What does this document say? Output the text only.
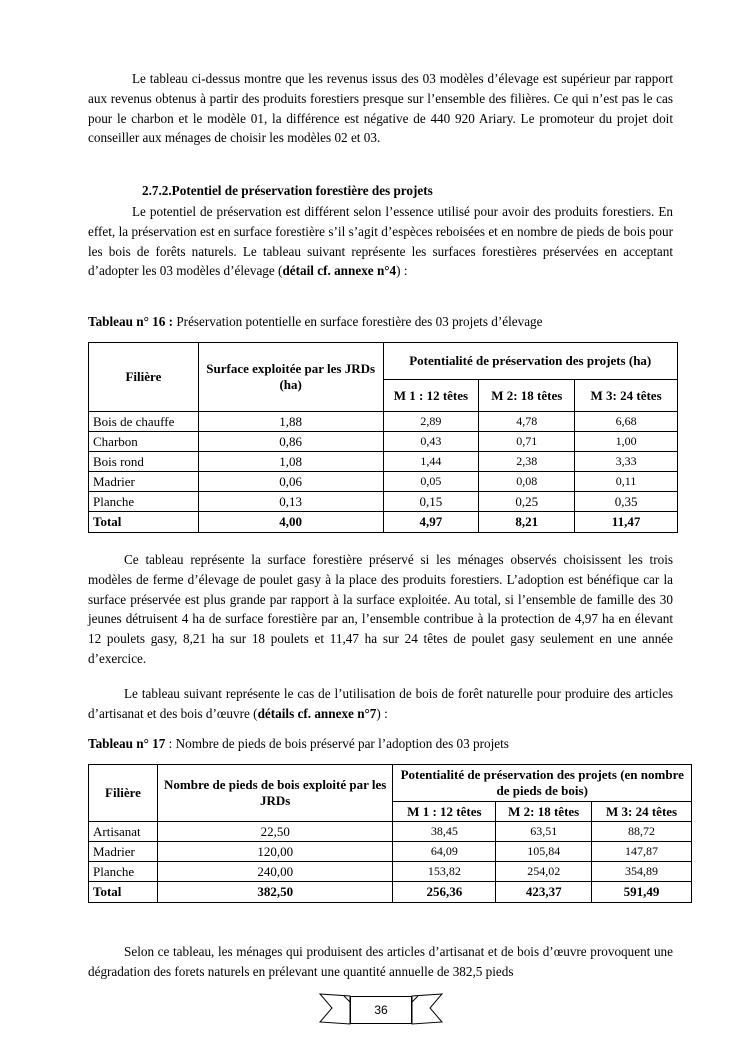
Le tableau ci-dessus montre que les revenus issus des 03 modèles d’élevage est supérieur par rapport aux revenus obtenus à partir des produits forestiers presque sur l’ensemble des filières. Ce qui n’est pas le cas pour le charbon et le modèle 01, la différence est négative de 440 920 Ariary. Le promoteur du projet doit conseiller aux ménages de choisir les modèles 02 et 03.
2.7.2.Potentiel de préservation forestière des projets
Le potentiel de préservation est différent selon l’essence utilisé pour avoir des produits forestiers. En effet, la préservation est en surface forestière s’il s’agit d’espèces reboisées et en nombre de pieds de bois pour les bois de forêts naturels. Le tableau suivant représente les surfaces forestières préservées en acceptant d’adopter les 03 modèles d’élevage (détail cf. annexe n°4) :
Tableau n° 16 : Préservation potentielle en surface forestière des 03 projets d’élevage
Filière	Surface exploitée par les JRDs (ha)	Potentialité de préservation des projets (ha)		
		M 1 : 12 têtes	M 2: 18 têtes	M 3: 24 têtes
Bois de chauffe	1,88	2,89	4,78	6,68
Charbon	0,86	0,43	0,71	1,00
Bois rond	1,08	1,44	2,38	3,33
Madrier	0,06	0,05	0,08	0,11
Planche	0,13	0,15	0,25	0,35
Total	4,00	4,97	8,21	11,47
Ce tableau représente la surface forestière préservé si les ménages observés choisissent les trois modèles de ferme d’élevage de poulet gasy à la place des produits forestiers. L’adoption est bénéfique car la surface préservée est plus grande par rapport à la surface exploitée. Au total, si l’ensemble de famille des 30 jeunes détruisent 4 ha de surface forestière par an, l’ensemble contribue à la protection de 4,97 ha en élevant 12 poulets gasy, 8,21 ha sur 18 poulets et 11,47 ha sur 24 têtes de poulet gasy seulement en une année d’exercice.
Le tableau suivant représente le cas de l’utilisation de bois de forêt naturelle pour produire des articles d’artisanat et des bois d’œuvre (détails cf. annexe n°7) :
Tableau n° 17 : Nombre de pieds de bois préservé par l’adoption des 03 projets
Filière	Nombre de pieds de bois exploité par les JRDs	Potentialité de préservation des projets (en nombre de pieds de bois)		
		M 1 : 12 têtes	M 2: 18 têtes	M 3: 24 têtes
Artisanat	22,50	38,45	63,51	88,72
Madrier	120,00	64,09	105,84	147,87
Planche	240,00	153,82	254,02	354,89
Total	382,50	256,36	423,37	591,49
Selon ce tableau, les ménages qui produisent des articles d’artisanat et de bois d’œuvre provoquent une dégradation des forets naturels en prélevant une quantité annuelle de 382,5 pieds
36
